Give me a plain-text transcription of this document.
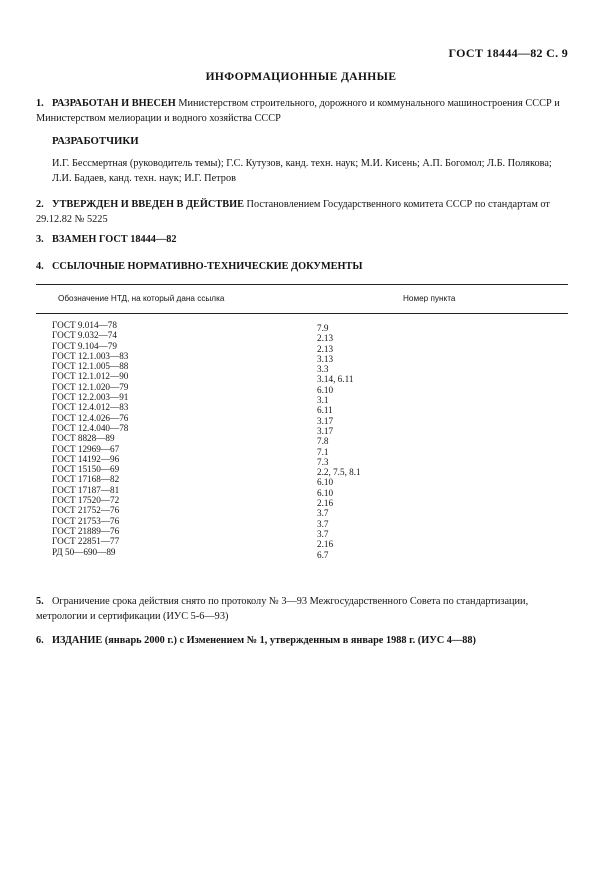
ГОСТ 18444—82 С. 9
ИНФОРМАЦИОННЫЕ ДАННЫЕ
1. РАЗРАБОТАН И ВНЕСЕН Министерством строительного, дорожного и коммунального машиностроения СССР и Министерством мелиорации и водного хозяйства СССР
РАЗРАБОТЧИКИ
И.Г. Бессмертная (руководитель темы); Г.С. Кутузов, канд. техн. наук; М.И. Кисень; А.П. Богомол; Л.Б. Полякова; Л.И. Бадаев, канд. техн. наук; И.Г. Петров
2. УТВЕРЖДЕН И ВВЕДЕН В ДЕЙСТВИЕ Постановлением Государственного комитета СССР по стандартам от 29.12.82 № 5225
3. ВЗАМЕН ГОСТ 18444—82
4. ССЫЛОЧНЫЕ НОРМАТИВНО-ТЕХНИЧЕСКИЕ ДОКУМЕНТЫ
Обозначение НТД, на который дана ссылка	Номер пункта
ГОСТ 9.014—78
ГОСТ 9.032—74
ГОСТ 9.104—79
ГОСТ 12.1.003—83
ГОСТ 12.1.005—88
ГОСТ 12.1.012—90
ГОСТ 12.1.020—79
ГОСТ 12.2.003—91
ГОСТ 12.4.012—83
ГОСТ 12.4.026—76
ГОСТ 12.4.040—78
ГОСТ 8828—89
ГОСТ 12969—67
ГОСТ 14192—96
ГОСТ 15150—69
ГОСТ 17168—82
ГОСТ 17187—81
ГОСТ 17520—72
ГОСТ 21752—76
ГОСТ 21753—76
ГОСТ 21889—76
ГОСТ 22851—77
РД 50—690—89
7.9
2.13
2.13
3.13
3.3
3.14, 6.11
6.10
3.1
6.11
3.17
3.17
7.8
7.1
7.3
2.2, 7.5, 8.1
6.10
6.10
2.16
3.7
3.7
3.7
2.16
6.7
5. Ограничение срока действия снято по протоколу № 3—93 Межгосударственного Совета по стандартизации, метрологии и сертификации (ИУС 5-6—93)
6. ИЗДАНИЕ (январь 2000 г.) с Изменением № 1, утвержденным в январе 1988 г. (ИУС 4—88)
